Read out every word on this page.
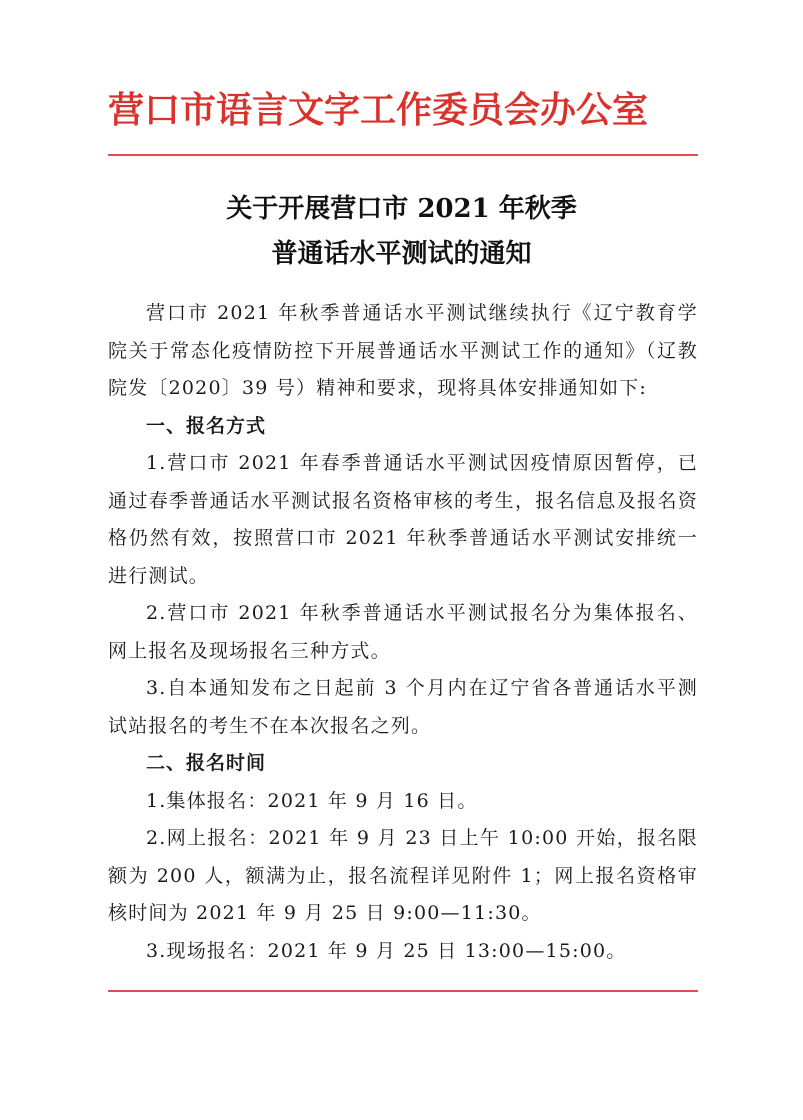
营口市语言文字工作委员会办公室
关于开展营口市 2021 年秋季
普通话水平测试的通知

营口市 2021 年秋季普通话水平测试继续执行《辽宁教育学院关于常态化疫情防控下开展普通话水平测试工作的通知》（辽教院发〔2020〕39 号）精神和要求，现将具体安排通知如下:

一、报名方式

1.营口市 2021 年春季普通话水平测试因疫情原因暂停，已通过春季普通话水平测试报名资格审核的考生，报名信息及报名资格仍然有效，按照营口市 2021 年秋季普通话水平测试安排统一进行测试。

2.营口市 2021 年秋季普通话水平测试报名分为集体报名、网上报名及现场报名三种方式。

3.自本通知发布之日起前 3 个月内在辽宁省各普通话水平测试站报名的考生不在本次报名之列。

二、报名时间

1.集体报名：2021 年 9 月 16 日。

2.网上报名：2021 年 9 月 23 日上午 10:00 开始，报名限额为 200 人，额满为止，报名流程详见附件 1；网上报名资格审核时间为 2021 年 9 月 25 日 9:00—11:30。

3.现场报名：2021 年 9 月 25 日 13:00—15:00。
